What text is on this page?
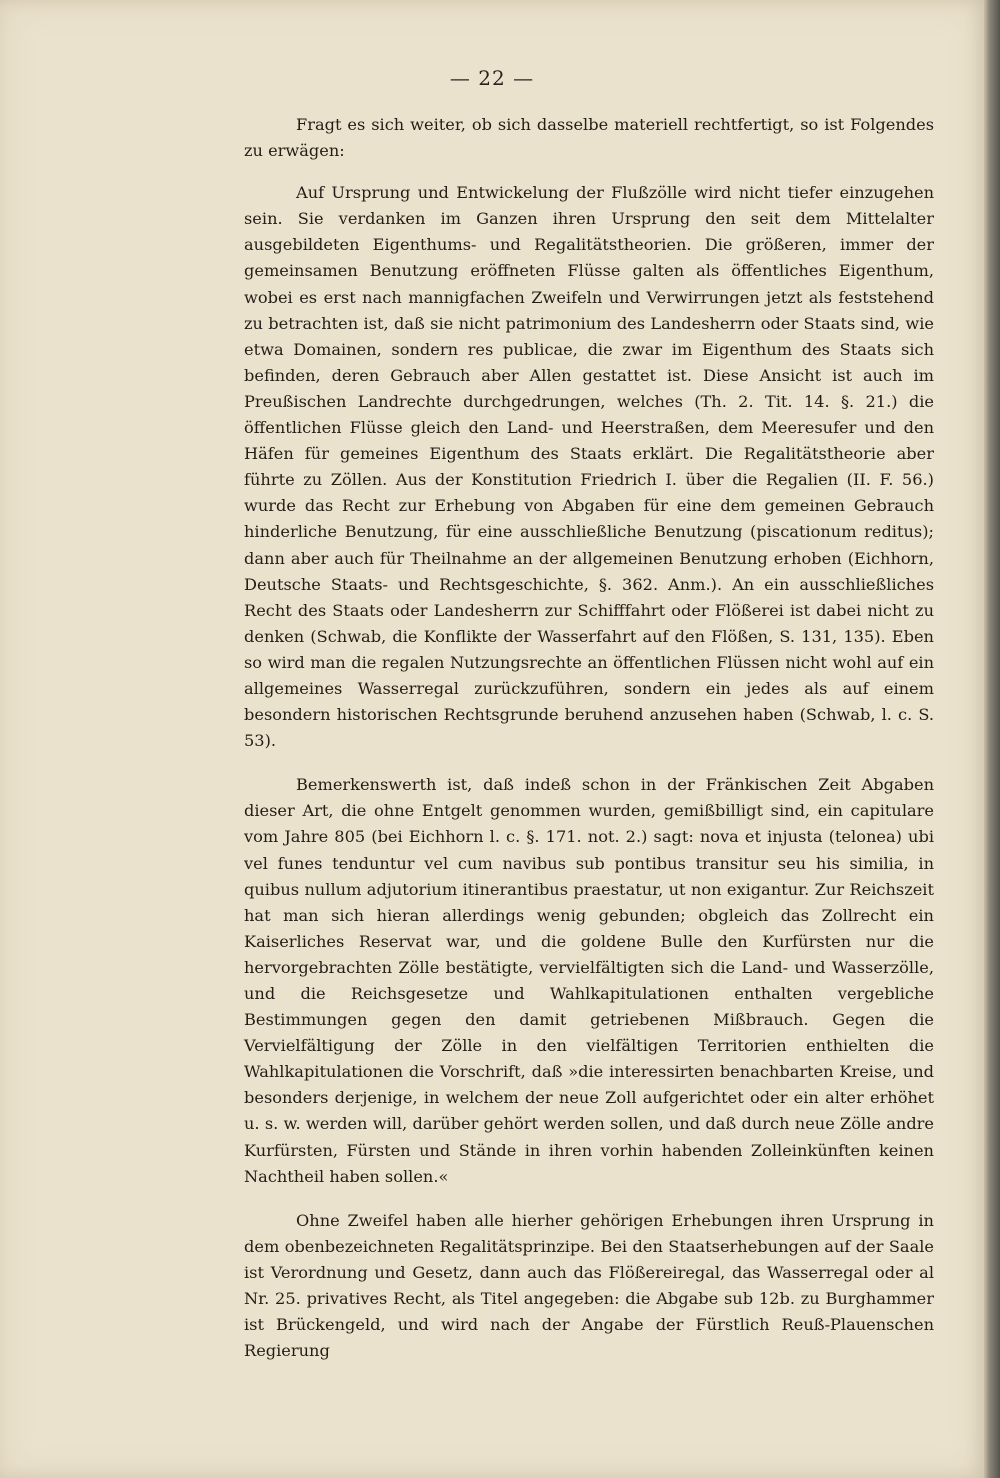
— 22 —

Fragt es sich weiter, ob sich dasselbe materiell rechtfertigt, so ist Folgendes zu erwägen:

Auf Ursprung und Entwickelung der Flußzölle wird nicht tiefer einzugehen sein. Sie verdanken im Ganzen ihren Ursprung den seit dem Mittelalter ausgebildeten Eigenthums- und Regalitätstheorien. Die größeren, immer der gemeinsamen Benutzung eröffneten Flüsse galten als öffentliches Eigenthum, wobei es erst nach mannigfachen Zweifeln und Verwirrungen jetzt als feststehend zu betrachten ist, daß sie nicht patrimonium des Landesherrn oder Staats sind, wie etwa Domainen, sondern res publicae, die zwar im Eigenthum des Staats sich befinden, deren Gebrauch aber Allen gestattet ist. Diese Ansicht ist auch im Preußischen Landrechte durchgedrungen, welches (Th. 2. Tit. 14. §. 21.) die öffentlichen Flüsse gleich den Land- und Heerstraßen, dem Meeresufer und den Häfen für gemeines Eigenthum des Staats erklärt. Die Regalitätstheorie aber führte zu Zöllen. Aus der Konstitution Friedrich I. über die Regalien (II. F. 56.) wurde das Recht zur Erhebung von Abgaben für eine dem gemeinen Gebrauch hinderliche Benutzung, für eine ausschließliche Benutzung (piscationum reditus); dann aber auch für Theilnahme an der allgemeinen Benutzung erhoben (Eichhorn, Deutsche Staats- und Rechtsgeschichte, §. 362. Anm.). An ein ausschließliches Recht des Staats oder Landesherrn zur Schifffahrt oder Flößerei ist dabei nicht zu denken (Schwab, die Konflikte der Wasserfahrt auf den Flößen, S. 131, 135). Eben so wird man die regalen Nutzungsrechte an öffentlichen Flüssen nicht wohl auf ein allgemeines Wasserregal zurückzuführen, sondern ein jedes als auf einem besondern historischen Rechtsgrunde beruhend anzusehen haben (Schwab, l. c. S. 53).

Bemerkenswerth ist, daß indeß schon in der Fränkischen Zeit Abgaben dieser Art, die ohne Entgelt genommen wurden, gemißbilligt sind, ein capitulare vom Jahre 805 (bei Eichhorn l. c. §. 171. not. 2.) sagt: nova et injusta (telonea) ubi vel funes tenduntur vel cum navibus sub pontibus transitur seu his similia, in quibus nullum adjutorium itinerantibus praestatur, ut non exigantur. Zur Reichszeit hat man sich hieran allerdings wenig gebunden; obgleich das Zollrecht ein Kaiserliches Reservat war, und die goldene Bulle den Kurfürsten nur die hervorgebrachten Zölle bestätigte, vervielfältigten sich die Land- und Wasserzölle, und die Reichsgesetze und Wahlkapitulationen enthalten vergebliche Bestimmungen gegen den damit getriebenen Mißbrauch. Gegen die Vervielfältigung der Zölle in den vielfältigen Territorien enthielten die Wahlkapitulationen die Vorschrift, daß »die interessirten benachbarten Kreise, und besonders derjenige, in welchem der neue Zoll aufgerichtet oder ein alter erhöhet u. s. w. werden will, darüber gehört werden sollen, und daß durch neue Zölle andre Kurfürsten, Fürsten und Stände in ihren vorhin habenden Zolleinkünften keinen Nachtheil haben sollen.«

Ohne Zweifel haben alle hierher gehörigen Erhebungen ihren Ursprung in dem obenbezeichneten Regalitätsprinzipe. Bei den Staatserhebungen auf der Saale ist Verordnung und Gesetz, dann auch das Flößereiregal, das Wasserregal oder al Nr. 25. privatives Recht, als Titel angegeben: die Abgabe sub 12b. zu Burghammer ist Brückengeld, und wird nach der Angabe der Fürstlich Reuß-Plauenschen Regierung
